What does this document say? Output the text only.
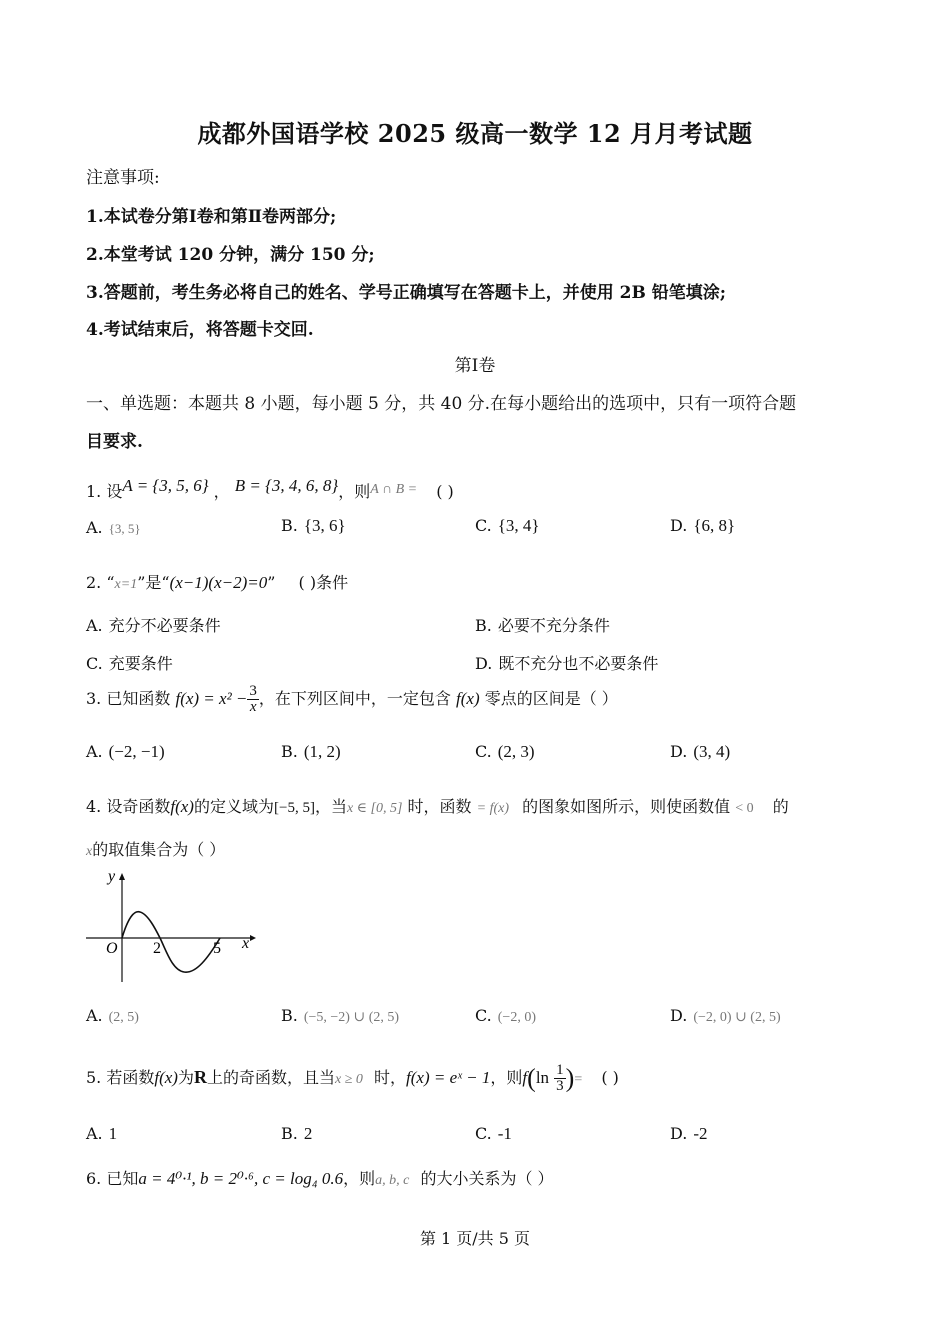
成都外国语学校 2025 级高一数学 12 月月考试题
注意事项:
1.本试卷分第Ⅰ卷和第Ⅱ卷两部分;
2.本堂考试 120 分钟，满分 150 分;
3.答题前，考生务必将自己的姓名、学号正确填写在答题卡上，并使用 2B 铅笔填涂;
4.考试结束后，将答题卡交回.
第Ⅰ卷
一、单选题：本题共 8 小题，每小题 5 分，共 40 分.在每小题给出的选项中，只有一项符合题
目要求.
1. 设A = {3, 5, 6} ， B = {3, 4, 6, 8}，则A ∩ B = ( )
A. {3, 5}	B. {3, 6}	C. {3, 4}	D. {6, 8}
2. “x=1”是“(x−1)(x−2)=0” ( )条件
A. 充分不必要条件	B. 必要不充分条件
C. 充要条件	D. 既不充分也不必要条件
3. 已知函数 $f(x) = x^2 - \frac{3}{x}$ ，在下列区间中，一定包含 f(x) 零点的区间是（ ）
A. (−2, −1)	B. (1, 2)	C. (2, 3)	D. (3, 4)
4. 设奇函数f(x)的定义域为[−5, 5]，当x ∈ [0, 5] 时，函数 = f(x) 的图象如图所示，则使函数值 < 0 的
x的取值集合为（ ）
y
x
O 2	5
A. (2, 5)	B. (−5, −2) ∪ (2, 5)	C. (−2, 0)	D. (−2, 0) ∪ (2, 5)
5. 若函数f(x)为R上的奇函数，且当x ≥ 0 时，f(x) = eˣ − 1，则$f(\ln \frac{1}{3}$ )= ( )
A. 1	B. 2	C. -1	D. -2
6. 已知a = 4⁰·¹, b = 2⁰·⁶, c = log₄ 0.6，则a, b, c 的大小关系为（ ）
第 1 页/共 5 页
